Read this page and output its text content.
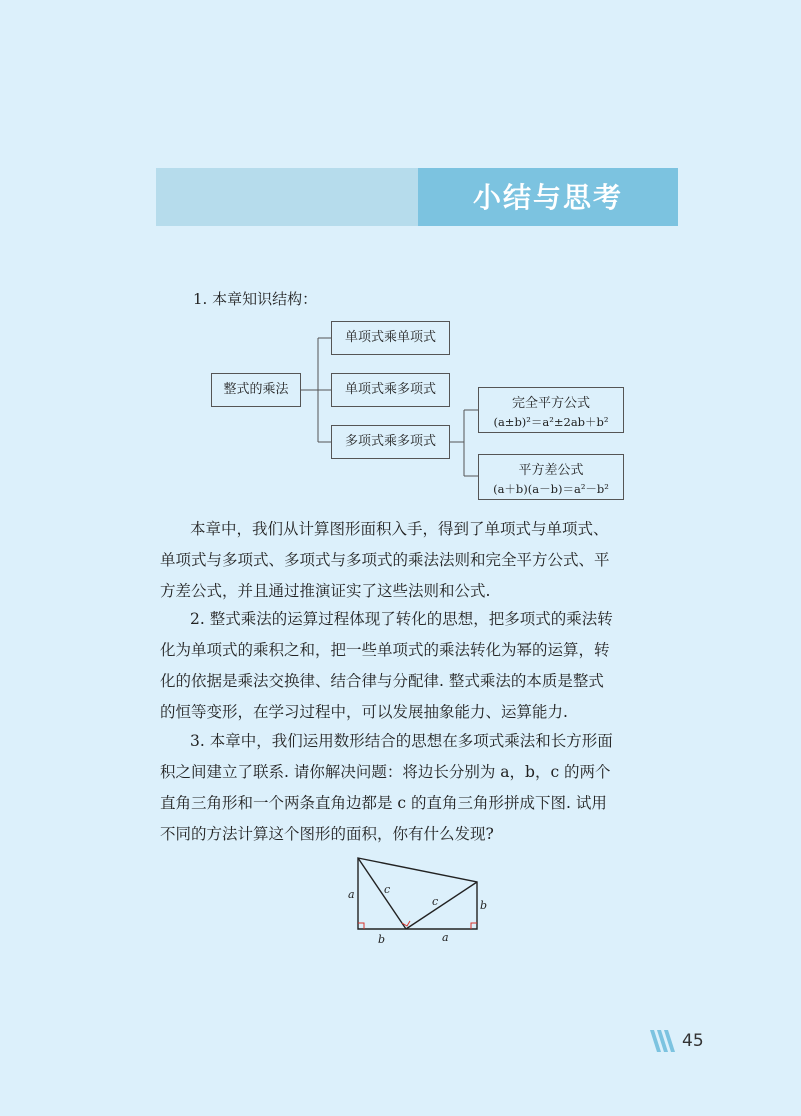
小结与思考
1. 本章知识结构：
整式的乘法
单项式乘单项式
单项式乘多项式
多项式乘多项式
完全平方公式
(a±b)²＝a²±2ab＋b²
平方差公式
(a＋b)(a－b)＝a²－b²
本章中，我们从计算图形面积入手，得到了单项式与单项式、
单项式与多项式、多项式与多项式的乘法法则和完全平方公式、平
方差公式，并且通过推演证实了这些法则和公式.
2. 整式乘法的运算过程体现了转化的思想，把多项式的乘法转
化为单项式的乘积之和，把一些单项式的乘法转化为幂的运算，转
化的依据是乘法交换律、结合律与分配律. 整式乘法的本质是整式
的恒等变形，在学习过程中，可以发展抽象能力、运算能力.
3. 本章中，我们运用数形结合的思想在多项式乘法和长方形面
积之间建立了联系. 请你解决问题：将边长分别为 a，b，c 的两个
直角三角形和一个两条直角边都是 c 的直角三角形拼成下图. 试用
不同的方法计算这个图形的面积，你有什么发现?
a	c
c	b
b	a
45
